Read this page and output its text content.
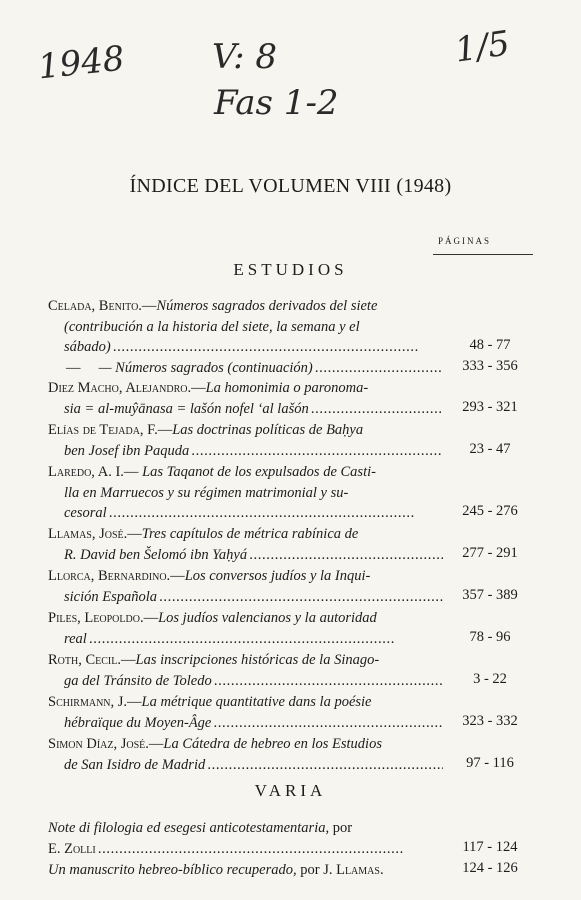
1948	V: 8
Fas 1-2
1/5
ÍNDICE DEL VOLUMEN VIII (1948)
PÁGINAS
ESTUDIOS
Celada, Benito.—Números sagrados derivados del siete
(contribución a la historia del siete, la semana y el
sábado) . . .	48 - 77
— — Números sagrados (continuación) . . .	333 - 356
Diez Macho, Alejandro.—La homonimia o paronoma-
sia = al-muŷānasa = lašón nofel ʻal lašón . . .	293 - 321
Elías de Tejada, F.—Las doctrinas políticas de Baḥya
ben Josef ibn Paquda . . .	23 - 47
Laredo, A. I.— Las Taqanot de los expulsados de Casti-
lla en Marruecos y su régimen matrimonial y su-
cesoral . . .	245 - 276
Llamas, José.—Tres capítulos de métrica rabínica de
R. David ben Šelomó ibn Yaḥyá . . .	277 - 291
Llorca, Bernardino.—Los conversos judíos y la Inqui-
sición Española . . .	357 - 389
Piles, Leopoldo.—Los judíos valencianos y la autoridad
real . . .	78 - 96
Roth, Cecil.—Las inscripciones históricas de la Sinago-
ga del Tránsito de Toledo . . .	3 - 22
Schirmann, J.—La métrique quantitative dans la poésie
hébraïque du Moyen-Âge . . .	323 - 332
Simon Díaz, José.—La Cátedra de hebreo en los Estudios
de San Isidro de Madrid . . .	97 - 116
VARIA
Note di filologia ed esegesi anticotestamentaria, por
E. Zolli . . .	117 - 124
Un manuscrito hebreo-bíblico recuperado, por J. Llamas.	124 - 126
